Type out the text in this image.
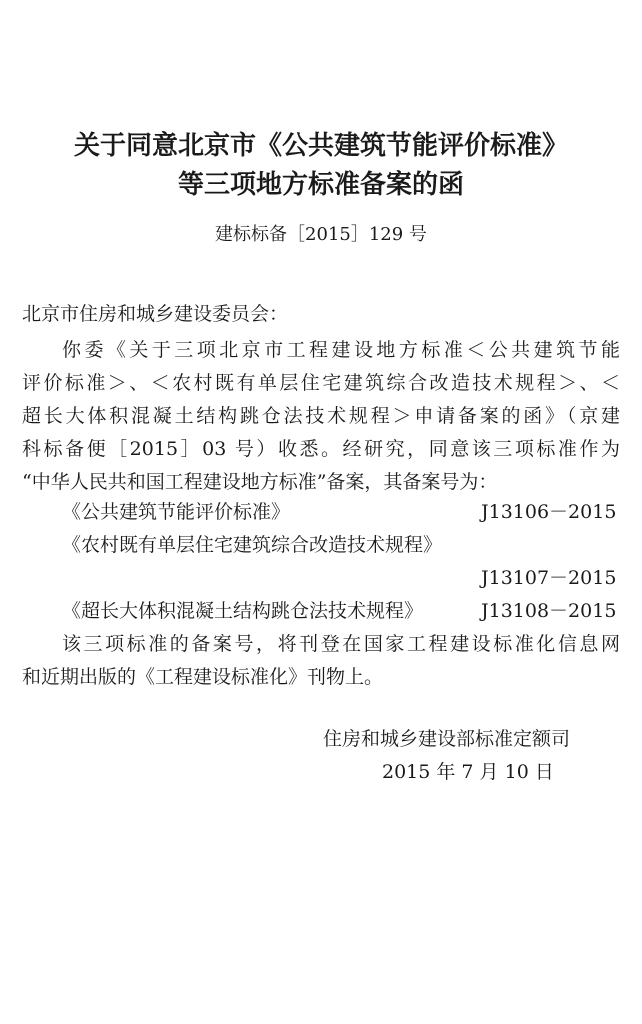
关于同意北京市《公共建筑节能评价标准》
等三项地方标准备案的函
建标标备［2015］129 号
北京市住房和城乡建设委员会：
你委《关于三项北京市工程建设地方标准＜公共建筑节能
评价标准＞、＜农村既有单层住宅建筑综合改造技术规程＞、＜
超长大体积混凝土结构跳仓法技术规程＞申请备案的函》（京建
科标备便［2015］03 号）收悉。经研究，同意该三项标准作为
“中华人民共和国工程建设地方标准”备案，其备案号为：
《公共建筑节能评价标准》	J13106－2015
《农村既有单层住宅建筑综合改造技术规程》
J13107－2015
《超长大体积混凝土结构跳仓法技术规程》	J13108－2015
该三项标准的备案号，将刊登在国家工程建设标准化信息网
和近期出版的《工程建设标准化》刊物上。
住房和城乡建设部标准定额司
2015 年 7 月 10 日
